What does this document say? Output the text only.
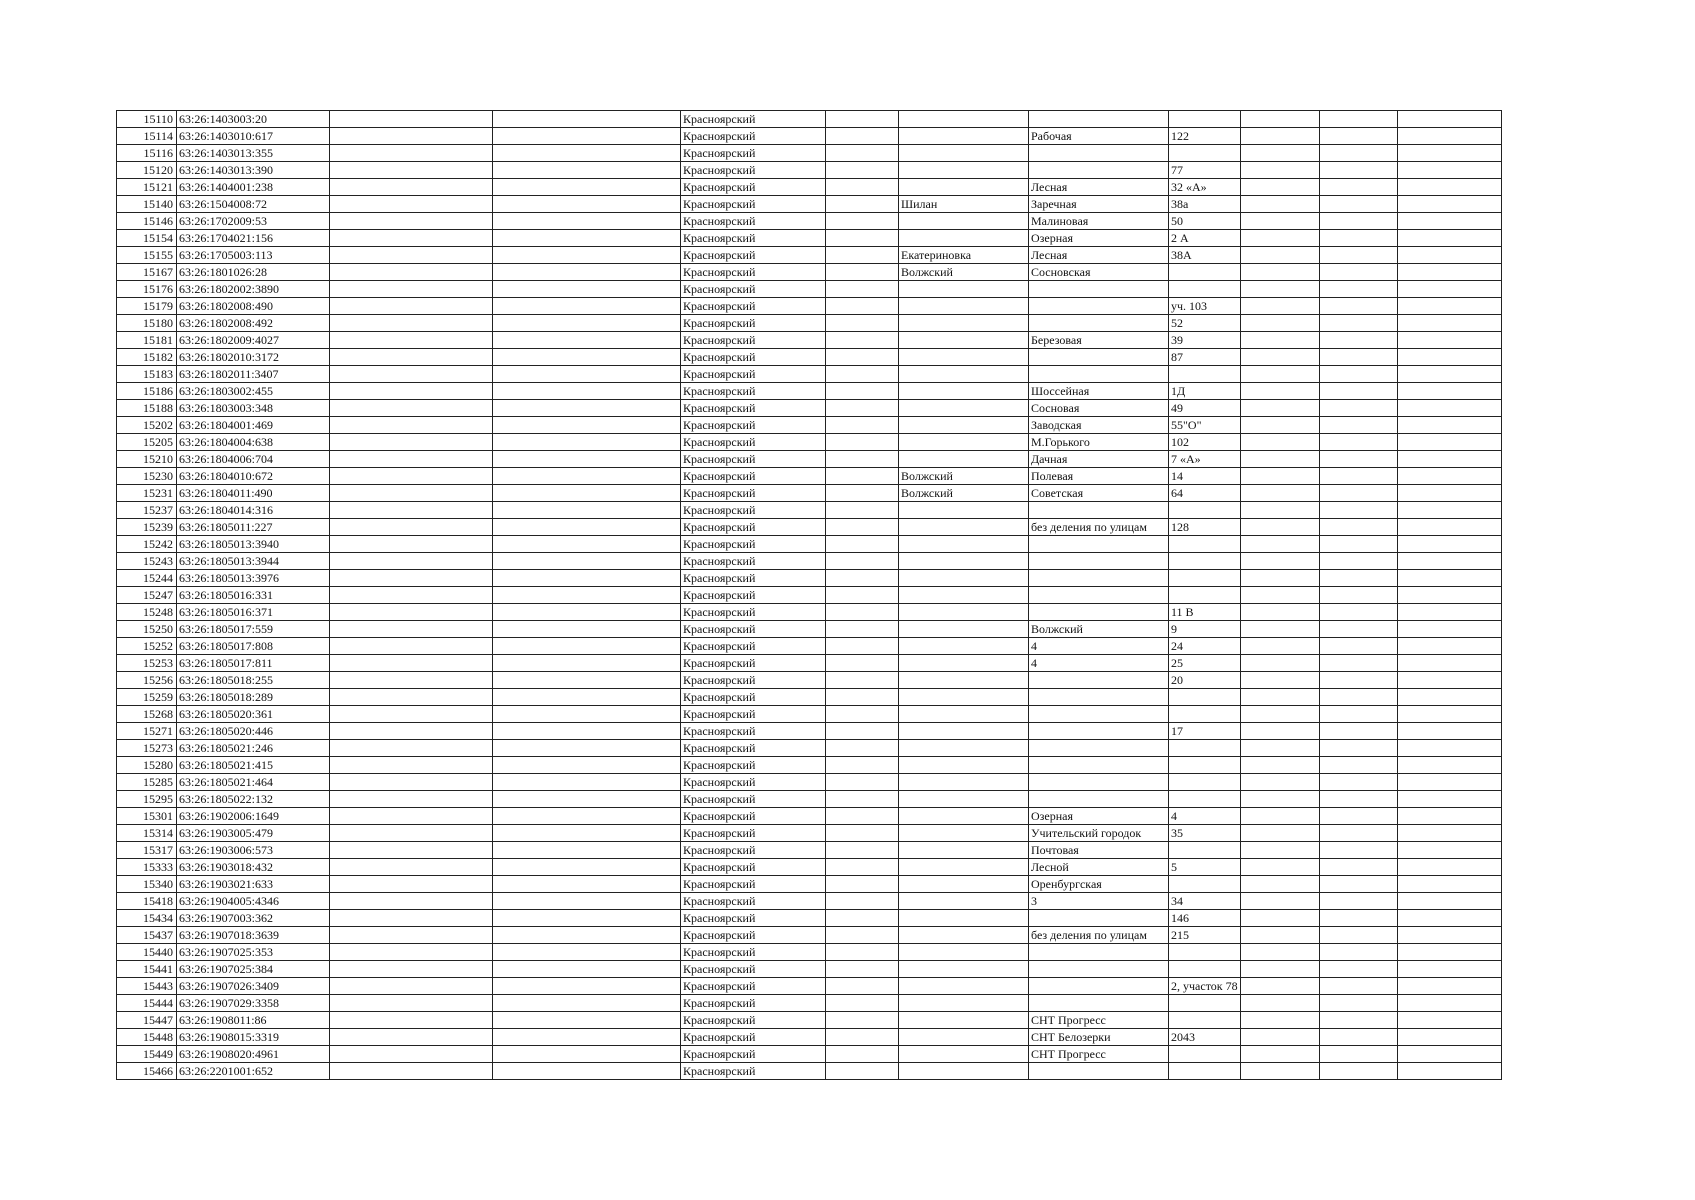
15110	63:26:1403003:20			Красноярский							
15114	63:26:1403010:617			Красноярский			Рабочая	122			
15116	63:26:1403013:355			Красноярский							
15120	63:26:1403013:390			Красноярский				77			
15121	63:26:1404001:238			Красноярский			Лесная	32 «А»			
15140	63:26:1504008:72			Красноярский		Шилан	Заречная	38а			
15146	63:26:1702009:53			Красноярский			Малиновая	50			
15154	63:26:1704021:156			Красноярский			Озерная	2 А			
15155	63:26:1705003:113			Красноярский		Екатериновка	Лесная	38А			
15167	63:26:1801026:28			Красноярский		Волжский	Сосновская				
15176	63:26:1802002:3890			Красноярский							
15179	63:26:1802008:490			Красноярский				уч. 103			
15180	63:26:1802008:492			Красноярский				52			
15181	63:26:1802009:4027			Красноярский			Березовая	39			
15182	63:26:1802010:3172			Красноярский				87			
15183	63:26:1802011:3407			Красноярский							
15186	63:26:1803002:455			Красноярский			Шоссейная	1Д			
15188	63:26:1803003:348			Красноярский			Сосновая	49			
15202	63:26:1804001:469			Красноярский			Заводская	55"О"			
15205	63:26:1804004:638			Красноярский			М.Горького	102			
15210	63:26:1804006:704			Красноярский			Дачная	7 «А»			
15230	63:26:1804010:672			Красноярский		Волжский	Полевая	14			
15231	63:26:1804011:490			Красноярский		Волжский	Советская	64			
15237	63:26:1804014:316			Красноярский							
15239	63:26:1805011:227			Красноярский			без деления по улицам	128			
15242	63:26:1805013:3940			Красноярский							
15243	63:26:1805013:3944			Красноярский							
15244	63:26:1805013:3976			Красноярский							
15247	63:26:1805016:331			Красноярский							
15248	63:26:1805016:371			Красноярский				11 В			
15250	63:26:1805017:559			Красноярский			Волжский	9			
15252	63:26:1805017:808			Красноярский			4	24			
15253	63:26:1805017:811			Красноярский			4	25			
15256	63:26:1805018:255			Красноярский				20			
15259	63:26:1805018:289			Красноярский							
15268	63:26:1805020:361			Красноярский							
15271	63:26:1805020:446			Красноярский				17			
15273	63:26:1805021:246			Красноярский							
15280	63:26:1805021:415			Красноярский							
15285	63:26:1805021:464			Красноярский							
15295	63:26:1805022:132			Красноярский							
15301	63:26:1902006:1649			Красноярский			Озерная	4			
15314	63:26:1903005:479			Красноярский			Учительский городок	35			
15317	63:26:1903006:573			Красноярский			Почтовая				
15333	63:26:1903018:432			Красноярский			Лесной	5			
15340	63:26:1903021:633			Красноярский			Оренбургская				
15418	63:26:1904005:4346			Красноярский			3	34			
15434	63:26:1907003:362			Красноярский				146			
15437	63:26:1907018:3639			Красноярский			без деления по улицам	215			
15440	63:26:1907025:353			Красноярский							
15441	63:26:1907025:384			Красноярский							
15443	63:26:1907026:3409			Красноярский				2, участок 78			
15444	63:26:1907029:3358			Красноярский							
15447	63:26:1908011:86			Красноярский			СНТ Прогресс				
15448	63:26:1908015:3319			Красноярский			СНТ Белозерки	2043			
15449	63:26:1908020:4961			Красноярский			СНТ Прогресс				
15466	63:26:2201001:652			Красноярский							
